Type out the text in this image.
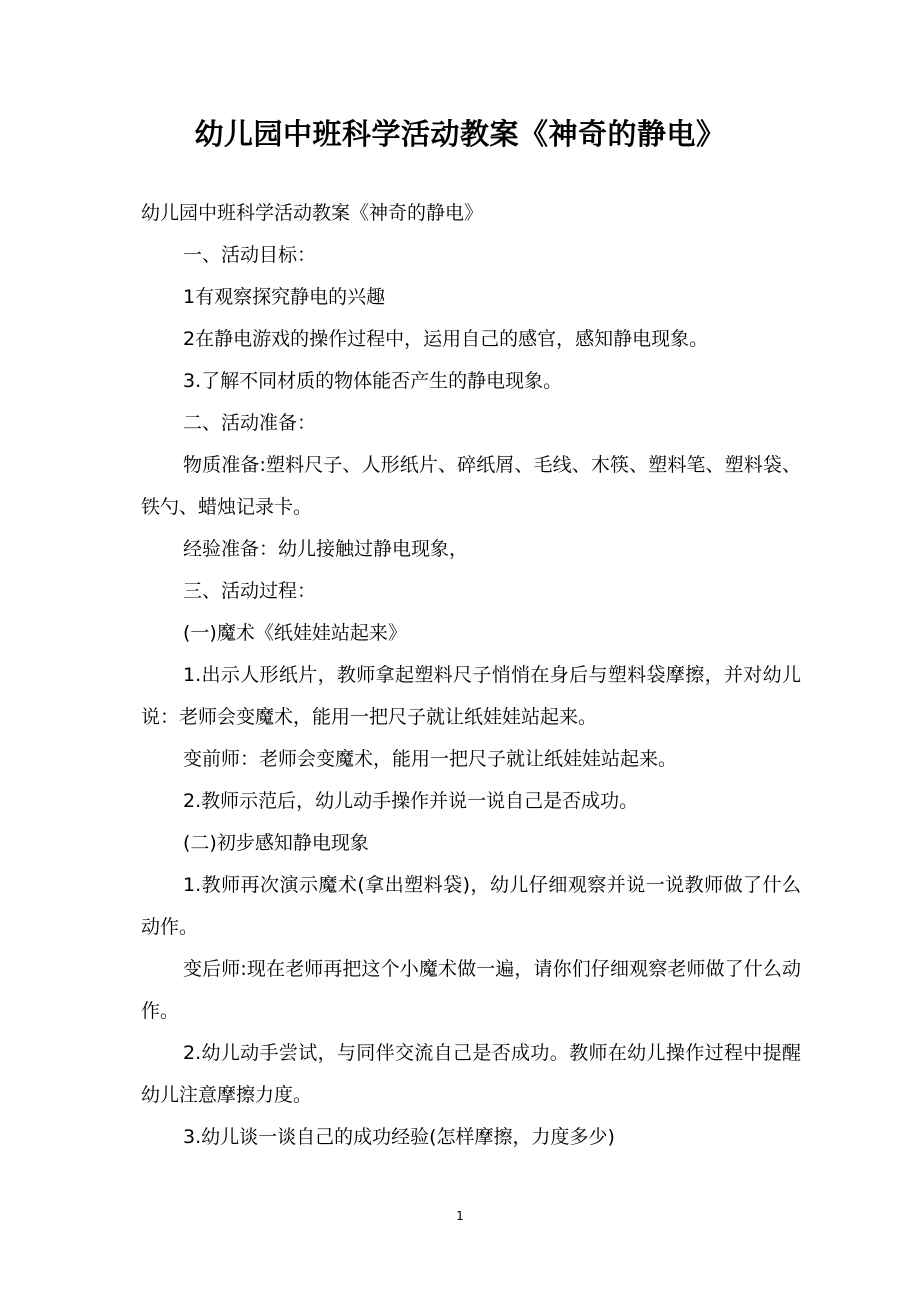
幼儿园中班科学活动教案《神奇的静电》

幼儿园中班科学活动教案《神奇的静电》

一、活动目标：

1有观察探究静电的兴趣

2在静电游戏的操作过程中，运用自己的感官，感知静电现象。

3.了解不同材质的物体能否产生的静电现象。

二、活动准备：

物质准备:塑料尺子、人形纸片、碎纸屑、毛线、木筷、塑料笔、塑料袋、铁勺、蜡烛记录卡。

经验准备：幼儿接触过静电现象，

三、活动过程：

(一)魔术《纸娃娃站起来》

1.出示人形纸片，教师拿起塑料尺子悄悄在身后与塑料袋摩擦，并对幼儿说：老师会变魔术，能用一把尺子就让纸娃娃站起来。

变前师：老师会变魔术，能用一把尺子就让纸娃娃站起来。

2.教师示范后，幼儿动手操作并说一说自己是否成功。

(二)初步感知静电现象

1.教师再次演示魔术(拿出塑料袋)，幼儿仔细观察并说一说教师做了什么动作。

变后师:现在老师再把这个小魔术做一遍，请你们仔细观察老师做了什么动作。

2.幼儿动手尝试，与同伴交流自己是否成功。教师在幼儿操作过程中提醒幼儿注意摩擦力度。

3.幼儿谈一谈自己的成功经验(怎样摩擦，力度多少)

1
